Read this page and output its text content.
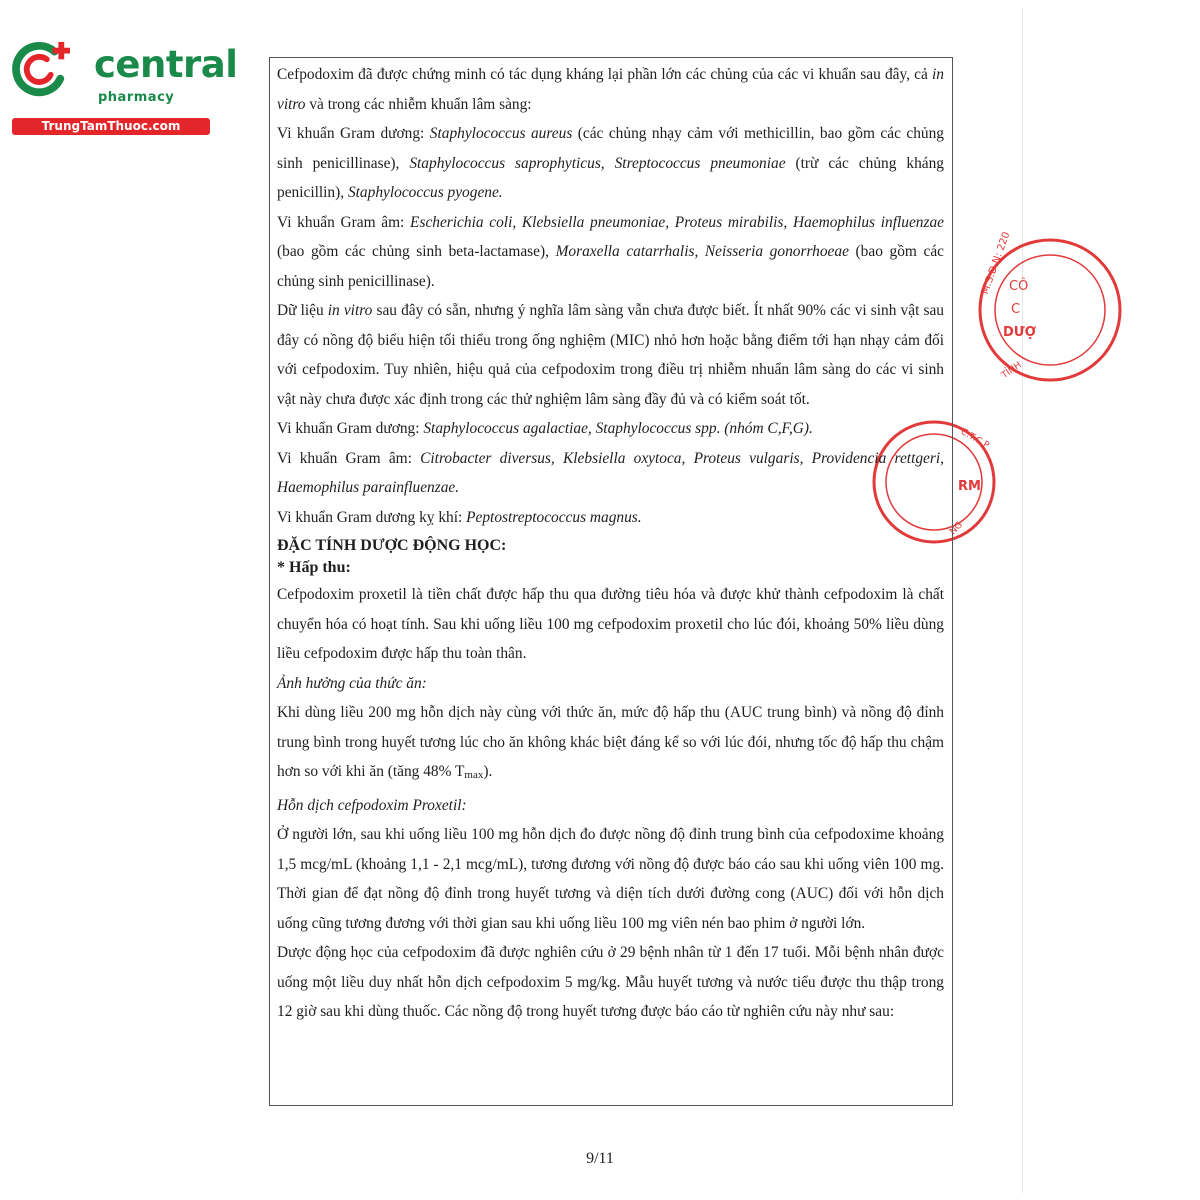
central
pharmacy
TrungTamThuoc.com
M.S.D.N: 220
CÔ
C
DƯỢ
TỈNH
C.T.C.P
RM
NG

Cefpodoxim đã được chứng minh có tác dụng kháng lại phần lớn các chủng của các vi khuẩn sau đây, cả in vitro và trong các nhiễm khuẩn lâm sàng:

Vi khuẩn Gram dương: Staphylococcus aureus (các chủng nhạy cảm với methicillin, bao gồm các chủng sinh penicillinase), Staphylococcus saprophyticus, Streptococcus pneumoniae (trừ các chủng kháng penicillin), Staphylococcus pyogene.

Vi khuẩn Gram âm: Escherichia coli, Klebsiella pneumoniae, Proteus mirabilis, Haemophilus influenzae (bao gồm các chủng sinh beta-lactamase), Moraxella catarrhalis, Neisseria gonorrhoeae (bao gồm các chủng sinh penicillinase).

Dữ liệu in vitro sau đây có sẵn, nhưng ý nghĩa lâm sàng vẫn chưa được biết. Ít nhất 90% các vi sinh vật sau đây có nồng độ biểu hiện tối thiểu trong ống nghiệm (MIC) nhỏ hơn hoặc bằng điểm tới hạn nhạy cảm đối với cefpodoxim. Tuy nhiên, hiệu quả của cefpodoxim trong điều trị nhiễm nhuẩn lâm sàng do các vi sinh vật này chưa được xác định trong các thử nghiệm lâm sàng đầy đủ và có kiểm soát tốt.

Vi khuẩn Gram dương: Staphylococcus agalactiae, Staphylococcus spp. (nhóm C,F,G).

Vi khuẩn Gram âm: Citrobacter diversus, Klebsiella oxytoca, Proteus vulgaris, Providencia rettgeri, Haemophilus parainfluenzae.

Vi khuẩn Gram dương kỵ khí: Peptostreptococcus magnus.

ĐẶC TÍNH DƯỢC ĐỘNG HỌC:

* Hấp thu:

Cefpodoxim proxetil là tiền chất được hấp thu qua đường tiêu hóa và được khử thành cefpodoxim là chất chuyển hóa có hoạt tính. Sau khi uống liều 100 mg cefpodoxim proxetil cho lúc đói, khoảng 50% liều dùng liều cefpodoxim được hấp thu toàn thân.

Ảnh hưởng của thức ăn:

Khi dùng liều 200 mg hỗn dịch này cùng với thức ăn, mức độ hấp thu (AUC trung bình) và nồng độ đỉnh trung bình trong huyết tương lúc cho ăn không khác biệt đáng kể so với lúc đói, nhưng tốc độ hấp thu chậm hơn so với khi ăn (tăng 48% $T_{max}$).

Hỗn dịch cefpodoxim Proxetil:

Ở người lớn, sau khi uống liều 100 mg hỗn dịch đo được nồng độ đỉnh trung bình của cefpodoxime khoảng 1,5 mcg/mL (khoảng 1,1 - 2,1 mcg/mL), tương đương với nồng độ được báo cáo sau khi uống viên 100 mg. Thời gian để đạt nồng độ đỉnh trong huyết tương và diện tích dưới đường cong (AUC) đối với hỗn dịch uống cũng tương đương với thời gian sau khi uống liều 100 mg viên nén bao phim ở người lớn.

Dược động học của cefpodoxim đã được nghiên cứu ở 29 bệnh nhân từ 1 đến 17 tuổi. Mỗi bệnh nhân được uống một liều duy nhất hỗn dịch cefpodoxim 5 mg/kg. Mẫu huyết tương và nước tiểu được thu thập trong 12 giờ sau khi dùng thuốc. Các nồng độ trong huyết tương được báo cáo từ nghiên cứu này như sau:

9/11
